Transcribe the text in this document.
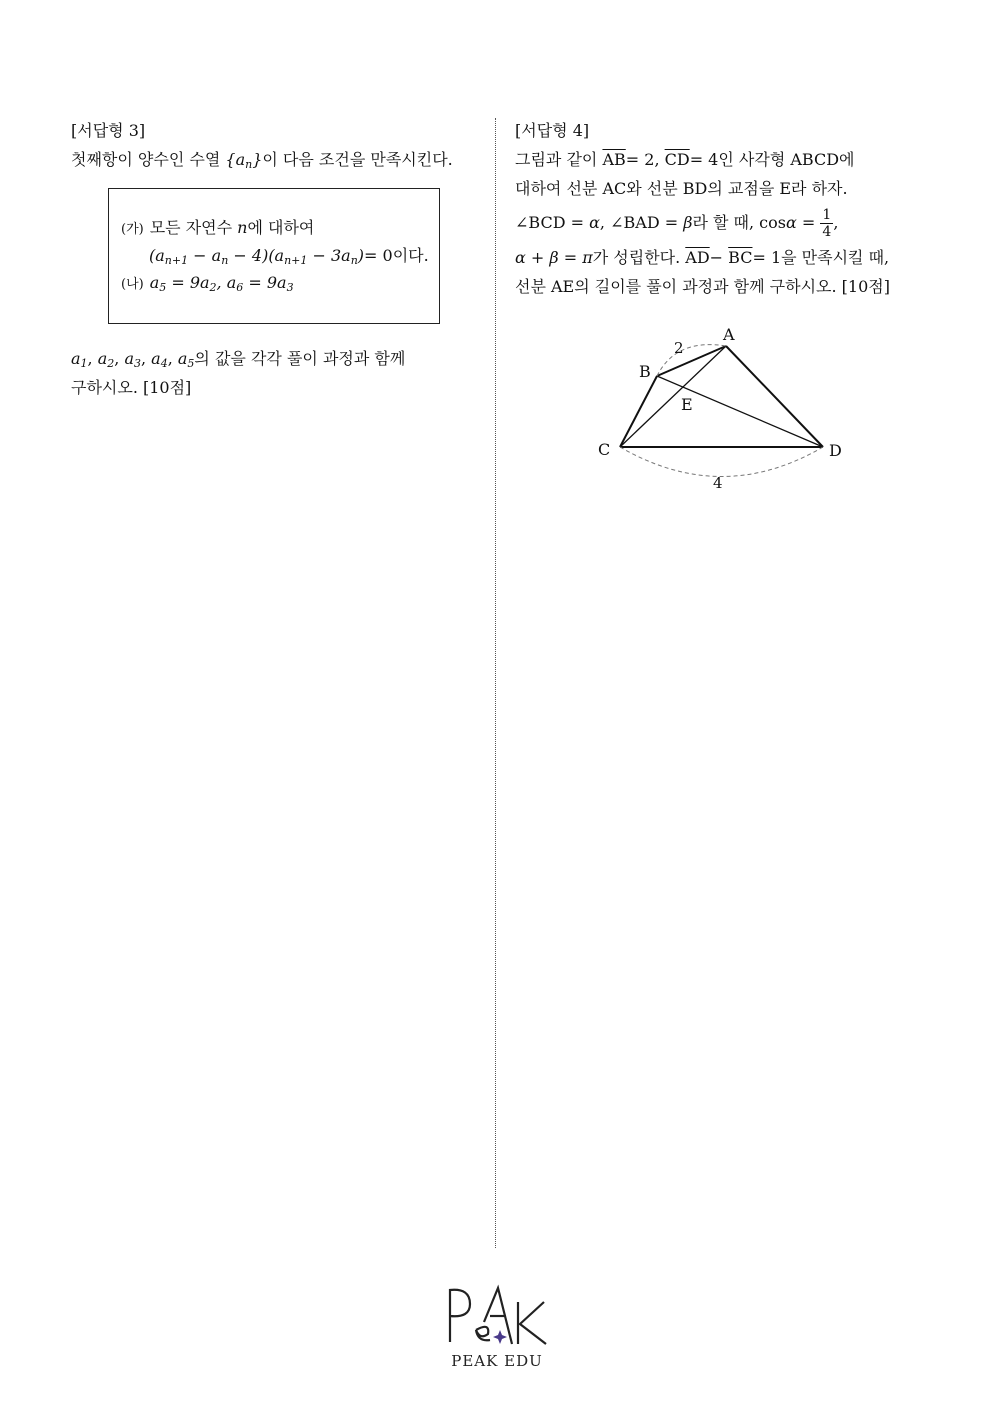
[서답형 3]

첫째항이 양수인 수열 $\{a_n\}$이 다음 조건을 만족시킨다.

(가) 모든 자연수 n에 대하여
$(a_{n+1} - a_n - 4)(a_{n+1} - 3a_n)= 0$이다.
(나) $a_5 = 9a_2$, $a_6 = 9a_3$

$a_1$, $a_2$, $a_3$, $a_4$, $a_5$의 값을 각각 풀이 과정과 함께

구하시오. [10점]

[서답형 4]

그림과 같이 $\overline{AB}= 2$, $\overline{CD}= 4$인 사각형 ABCD에

대하여 선분 AC와 선분 BD의 교점을 E라 하자.

∠BCD = α, ∠BAD = β라 할 때, $\cos\alpha = \frac{1}{4}$ ,

α + β = π가 성립한다. $\overline{AD}- \overline{BC}= 1$을 만족시킬 때,

선분 AE의 길이를 풀이 과정과 함께 구하시오. [10점]

A
B
C	D
E
2
4
PEAK EDU
